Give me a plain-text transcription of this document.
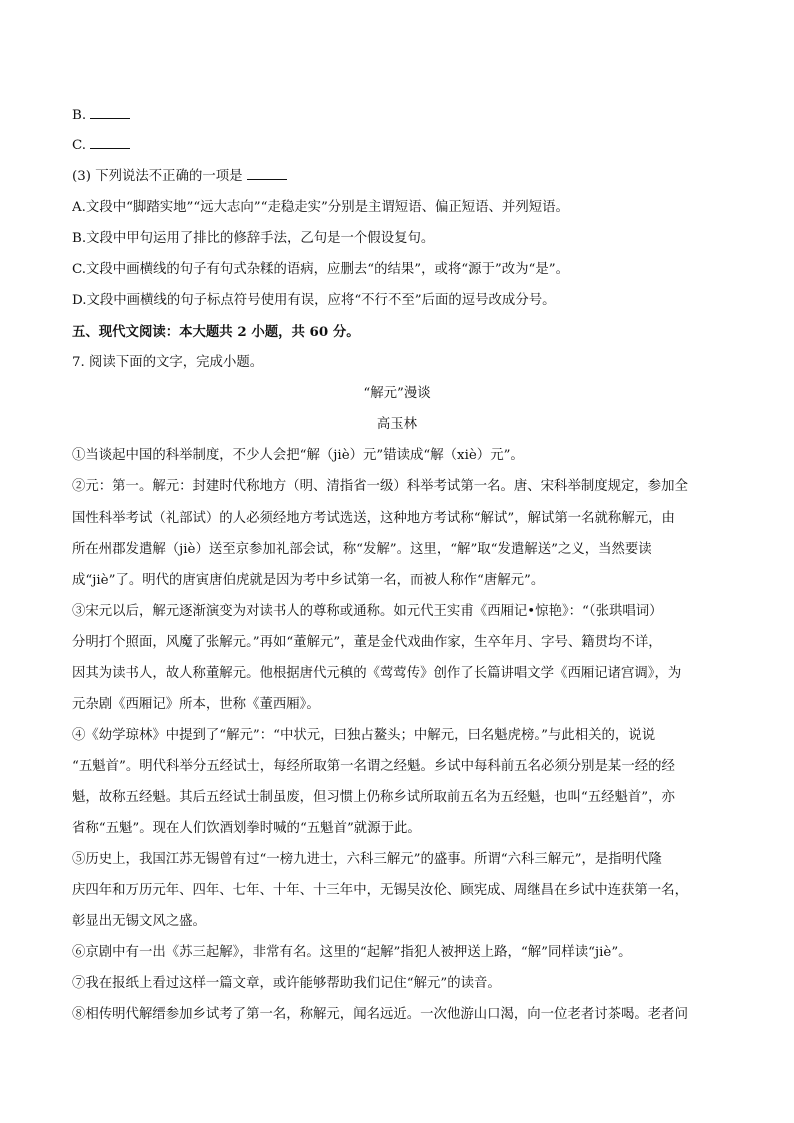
B.
C.
(3) 下列说法不正确的一项是
A.文段中“脚踏实地”“远大志向”“走稳走实”分别是主谓短语、偏正短语、并列短语。
B.文段中甲句运用了排比的修辞手法，乙句是一个假设复句。
C.文段中画横线的句子有句式杂糅的语病，应删去“的结果”，或将“源于”改为“是”。
D.文段中画横线的句子标点符号使用有误，应将“不行不至”后面的逗号改成分号。
五、现代文阅读：本大题共 2 小题，共 60 分。
7. 阅读下面的文字，完成小题。
“解元”漫谈
高玉林
①当谈起中国的科举制度，不少人会把“解（jiè）元”错读成“解（xiè）元”。
②元：第一。解元：封建时代称地方（明、清指省一级）科举考试第一名。唐、宋科举制度规定，参加全
国性科举考试（礼部试）的人必须经地方考试选送，这种地方考试称“解试”，解试第一名就称解元，由
所在州郡发遣解（jiè）送至京参加礼部会试，称“发解”。这里，“解”取“发遣解送”之义，当然要读
成“jiè”了。明代的唐寅唐伯虎就是因为考中乡试第一名，而被人称作“唐解元”。
③宋元以后，解元逐渐演变为对读书人的尊称或通称。如元代王实甫《西厢记•惊艳》：“（张珙唱词）
分明打个照面，风魔了张解元。”再如“董解元”，董是金代戏曲作家，生卒年月、字号、籍贯均不详，
因其为读书人，故人称董解元。他根据唐代元稹的《莺莺传》创作了长篇讲唱文学《西厢记诸宫调》，为
元杂剧《西厢记》所本，世称《董西厢》。
④《幼学琼林》中提到了“解元”：“中状元，曰独占鳌头；中解元，曰名魁虎榜。”与此相关的，说说
“五魁首”。明代科举分五经试士，每经所取第一名谓之经魁。乡试中每科前五名必须分别是某一经的经
魁，故称五经魁。其后五经试士制虽废，但习惯上仍称乡试所取前五名为五经魁，也叫“五经魁首”，亦
省称“五魁”。现在人们饮酒划拳时喊的“五魁首”就源于此。
⑤历史上，我国江苏无锡曾有过“一榜九进士，六科三解元”的盛事。所谓“六科三解元”，是指明代隆
庆四年和万历元年、四年、七年、十年、十三年中，无锡吴汝伦、顾宪成、周继昌在乡试中连获第一名，
彰显出无锡文风之盛。
⑥京剧中有一出《苏三起解》，非常有名。这里的“起解”指犯人被押送上路，“解”同样读“jiè”。
⑦我在报纸上看过这样一篇文章，或许能够帮助我们记住“解元”的读音。
⑧相传明代解缙参加乡试考了第一名，称解元，闻名远近。一次他游山口渴，向一位老者讨茶喝。老者问
